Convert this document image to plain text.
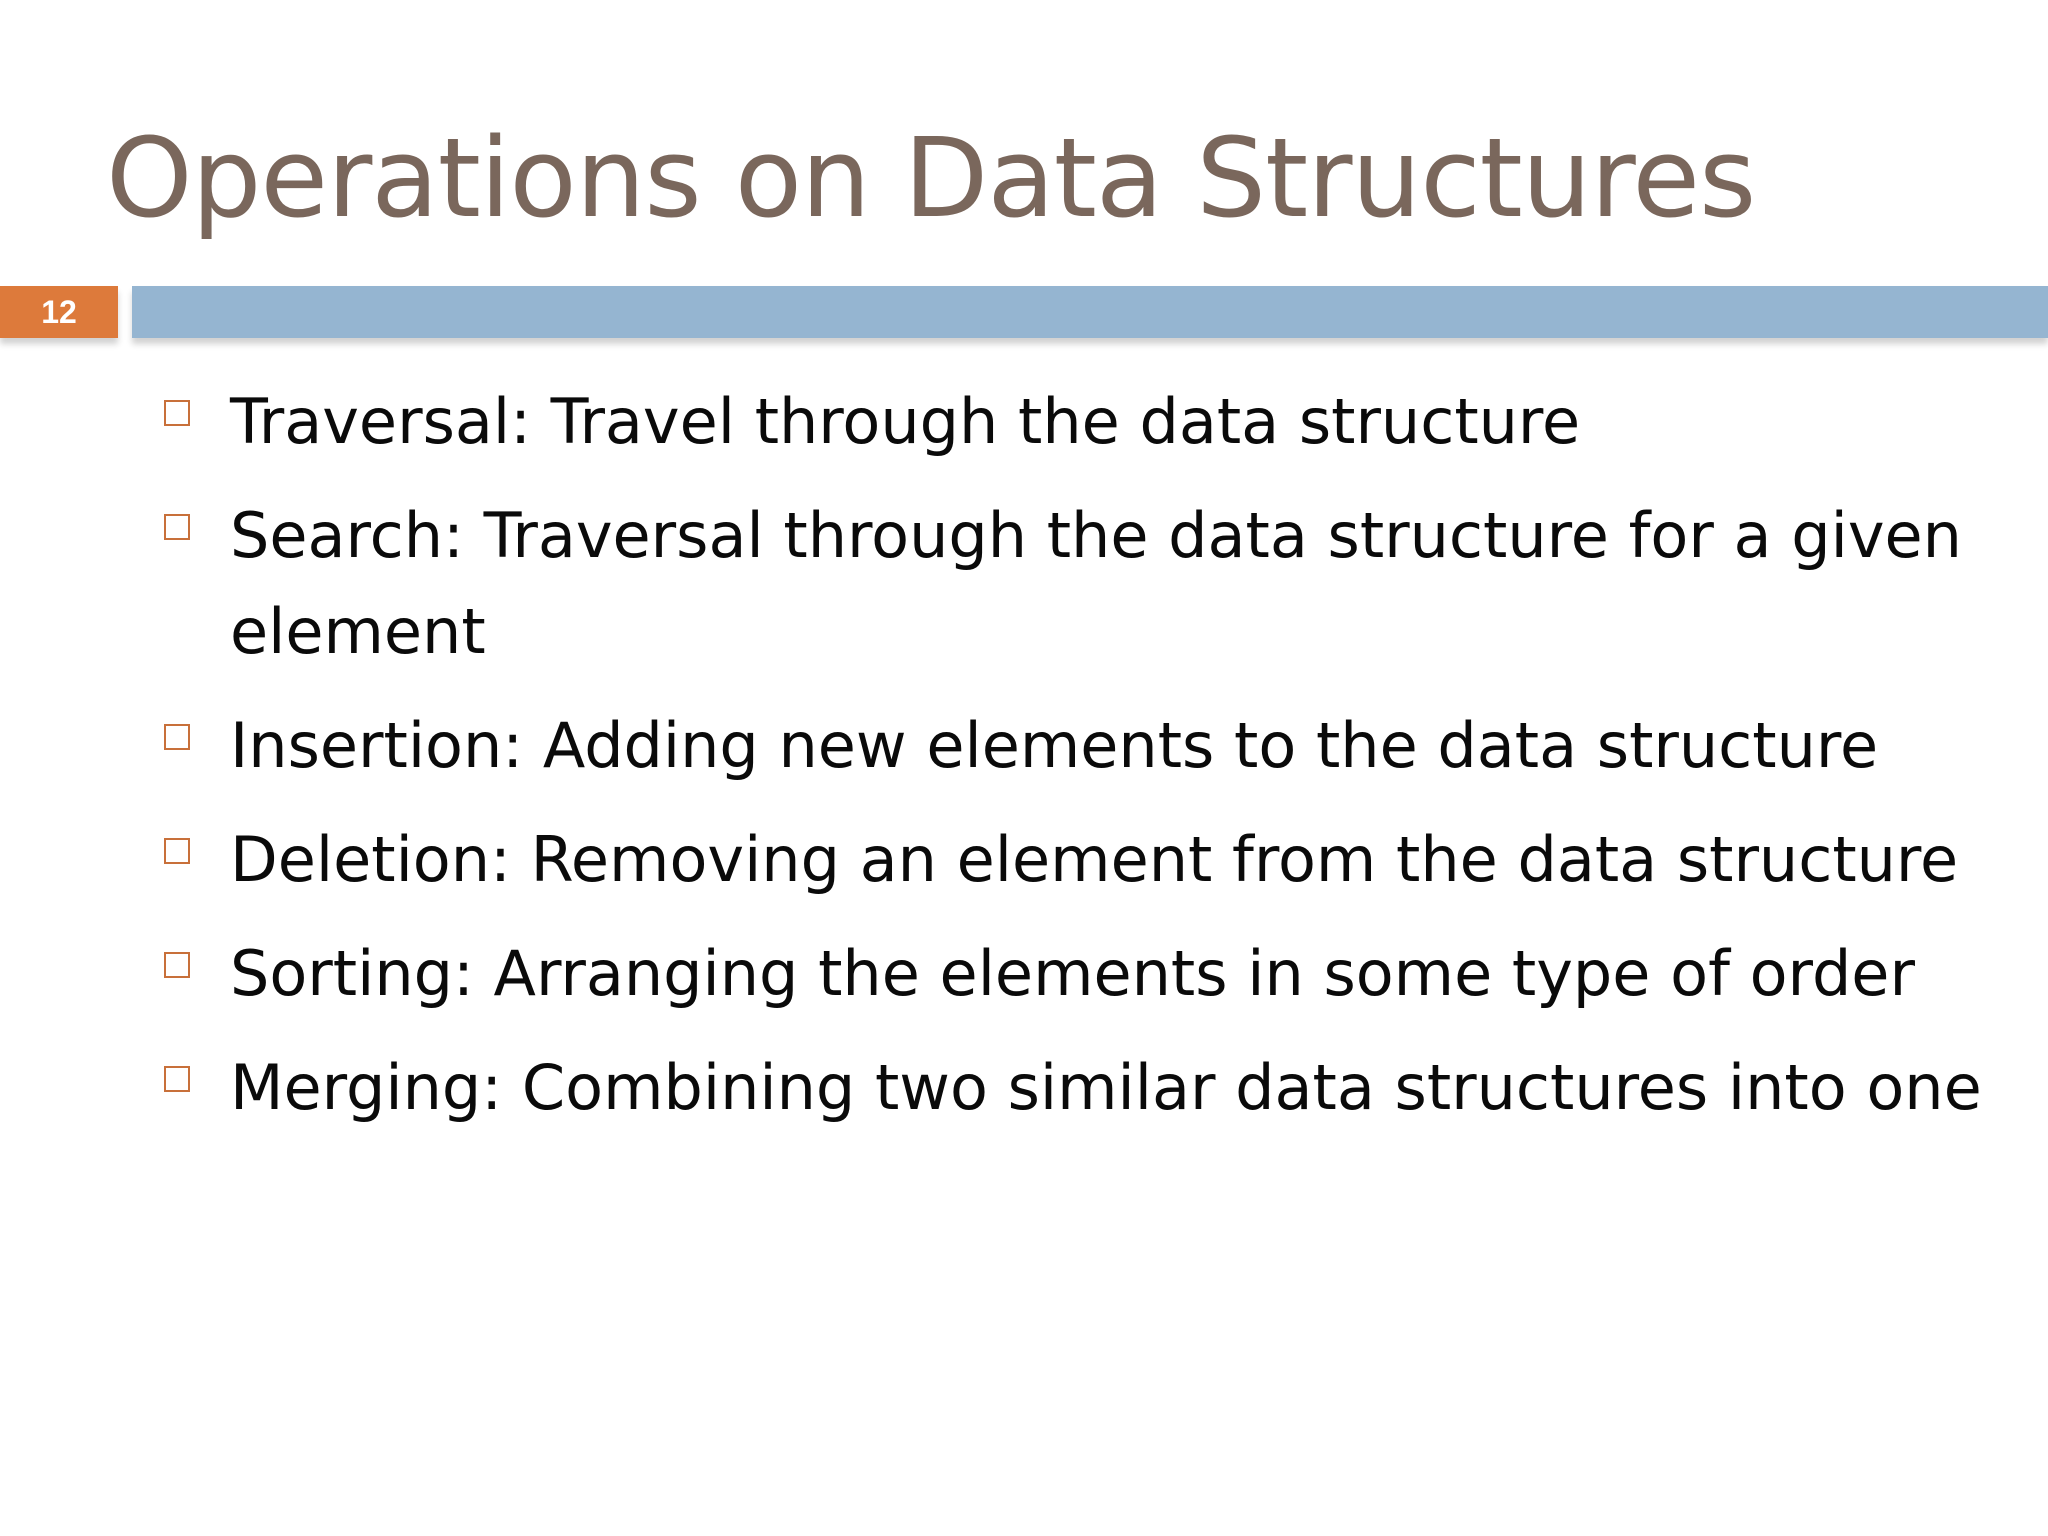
Operations on Data Structures
12
Traversal: Travel through the data structure
Search: Traversal through the data structure for a given element
Insertion: Adding new elements to the data structure
Deletion: Removing an element from the data structure
Sorting: Arranging the elements in some type of order
Merging: Combining two similar data structures into one
